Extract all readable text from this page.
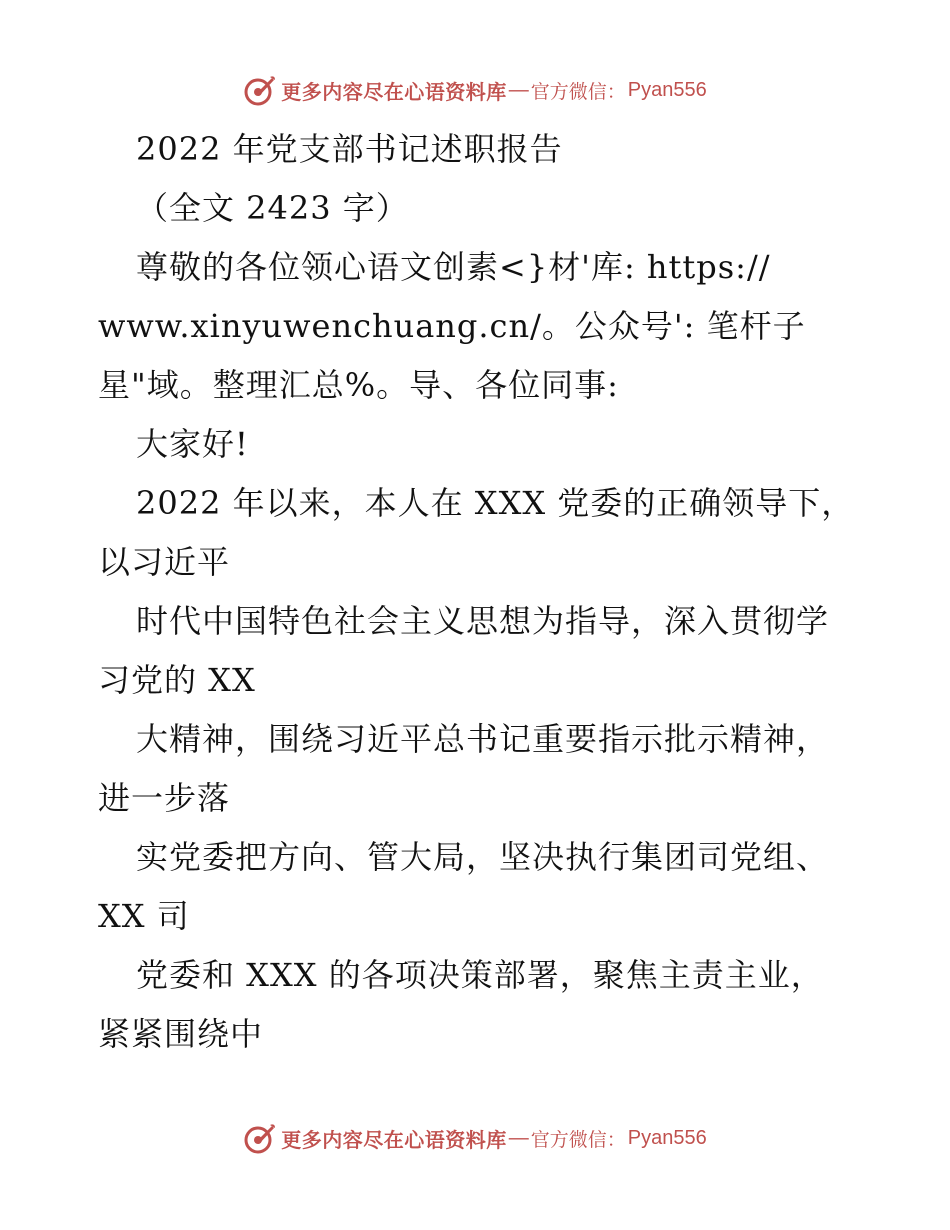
更多内容尽在心语资料库 — 官方微信： Pyan556
2022 年党支部书记述职报告
（全文 2423 字）
尊敬的各位领心语文创素<}材'库: https://
www.xinyuwenchuang.cn/。公众号': 笔杆子
星"域。整理汇总%。导、各位同事:
大家好!
2022 年以来，本人在 XXX 党委的正确领导下，
以习近平
时代中国特色社会主义思想为指导，深入贯彻学
习党的 XX
大精神，围绕习近平总书记重要指示批示精神，
进一步落
实党委把方向、管大局，坚决执行集团司党组、
XX 司
党委和 XXX 的各项决策部署，聚焦主责主业，
紧紧围绕中
更多内容尽在心语资料库 — 官方微信： Pyan556
